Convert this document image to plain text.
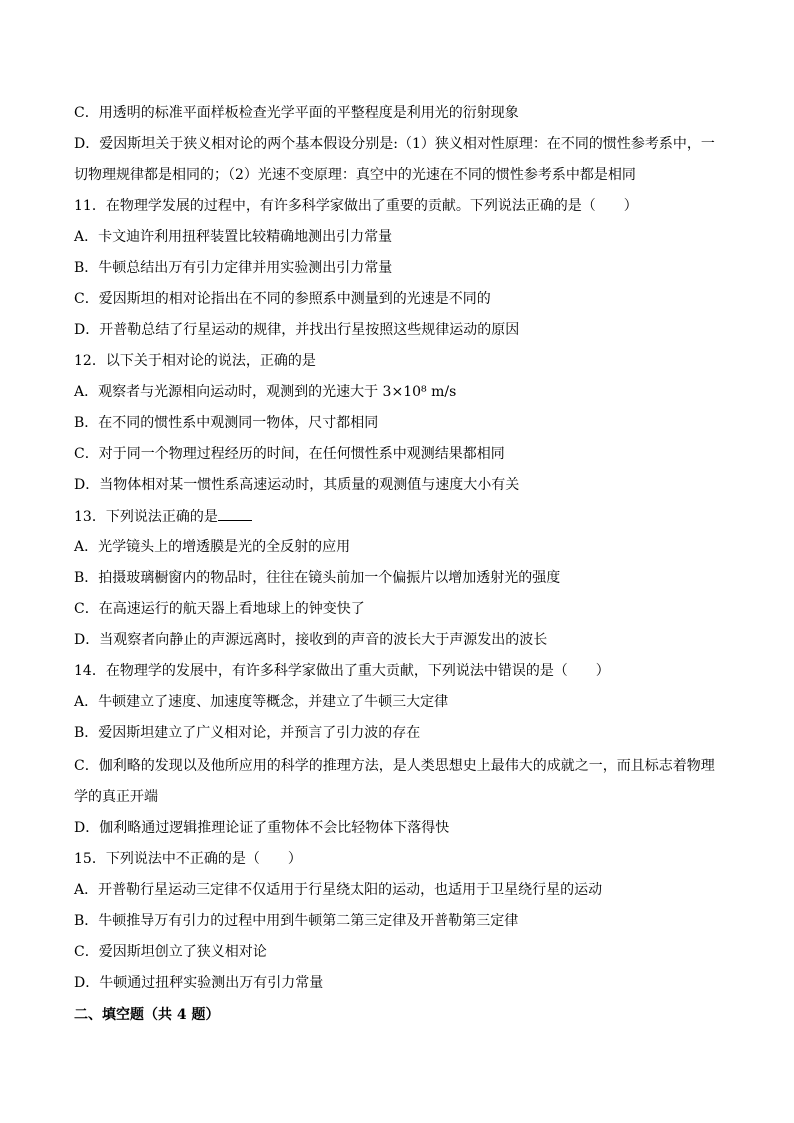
C．用透明的标准平面样板检查光学平面的平整程度是利用光的衍射现象
D．爱因斯坦关于狭义相对论的两个基本假设分别是:（1）狭义相对性原理：在不同的惯性参考系中，一
切物理规律都是相同的；（2）光速不变原理：真空中的光速在不同的惯性参考系中都是相同
11．在物理学发展的过程中，有许多科学家做出了重要的贡献。下列说法正确的是（　　）
A．卡文迪许利用扭秤装置比较精确地测出引力常量
B．牛顿总结出万有引力定律并用实验测出引力常量
C．爱因斯坦的相对论指出在不同的参照系中测量到的光速是不同的
D．开普勒总结了行星运动的规律，并找出行星按照这些规律运动的原因
12．以下关于相对论的说法，正确的是
A．观察者与光源相向运动时，观测到的光速大于 3×10⁸ m/s
B．在不同的惯性系中观测同一物体，尺寸都相同
C．对于同一个物理过程经历的时间，在任何惯性系中观测结果都相同
D．当物体相对某一惯性系高速运动时，其质量的观测值与速度大小有关
13．下列说法正确的是
A．光学镜头上的增透膜是光的全反射的应用
B．拍摄玻璃橱窗内的物品时，往往在镜头前加一个偏振片以增加透射光的强度
C．在高速运行的航天器上看地球上的钟变快了
D．当观察者向静止的声源远离时，接收到的声音的波长大于声源发出的波长
14．在物理学的发展中，有许多科学家做出了重大贡献，下列说法中错误的是（　　）
A．牛顿建立了速度、加速度等概念，并建立了牛顿三大定律
B．爱因斯坦建立了广义相对论，并预言了引力波的存在
C．伽利略的发现以及他所应用的科学的推理方法，是人类思想史上最伟大的成就之一，而且标志着物理
学的真正开端
D．伽利略通过逻辑推理论证了重物体不会比轻物体下落得快
15．下列说法中不正确的是（　　）
A．开普勒行星运动三定律不仅适用于行星绕太阳的运动，也适用于卫星绕行星的运动
B．牛顿推导万有引力的过程中用到牛顿第二第三定律及开普勒第三定律
C．爱因斯坦创立了狭义相对论
D．牛顿通过扭秤实验测出万有引力常量
二、填空题（共 4 题）
